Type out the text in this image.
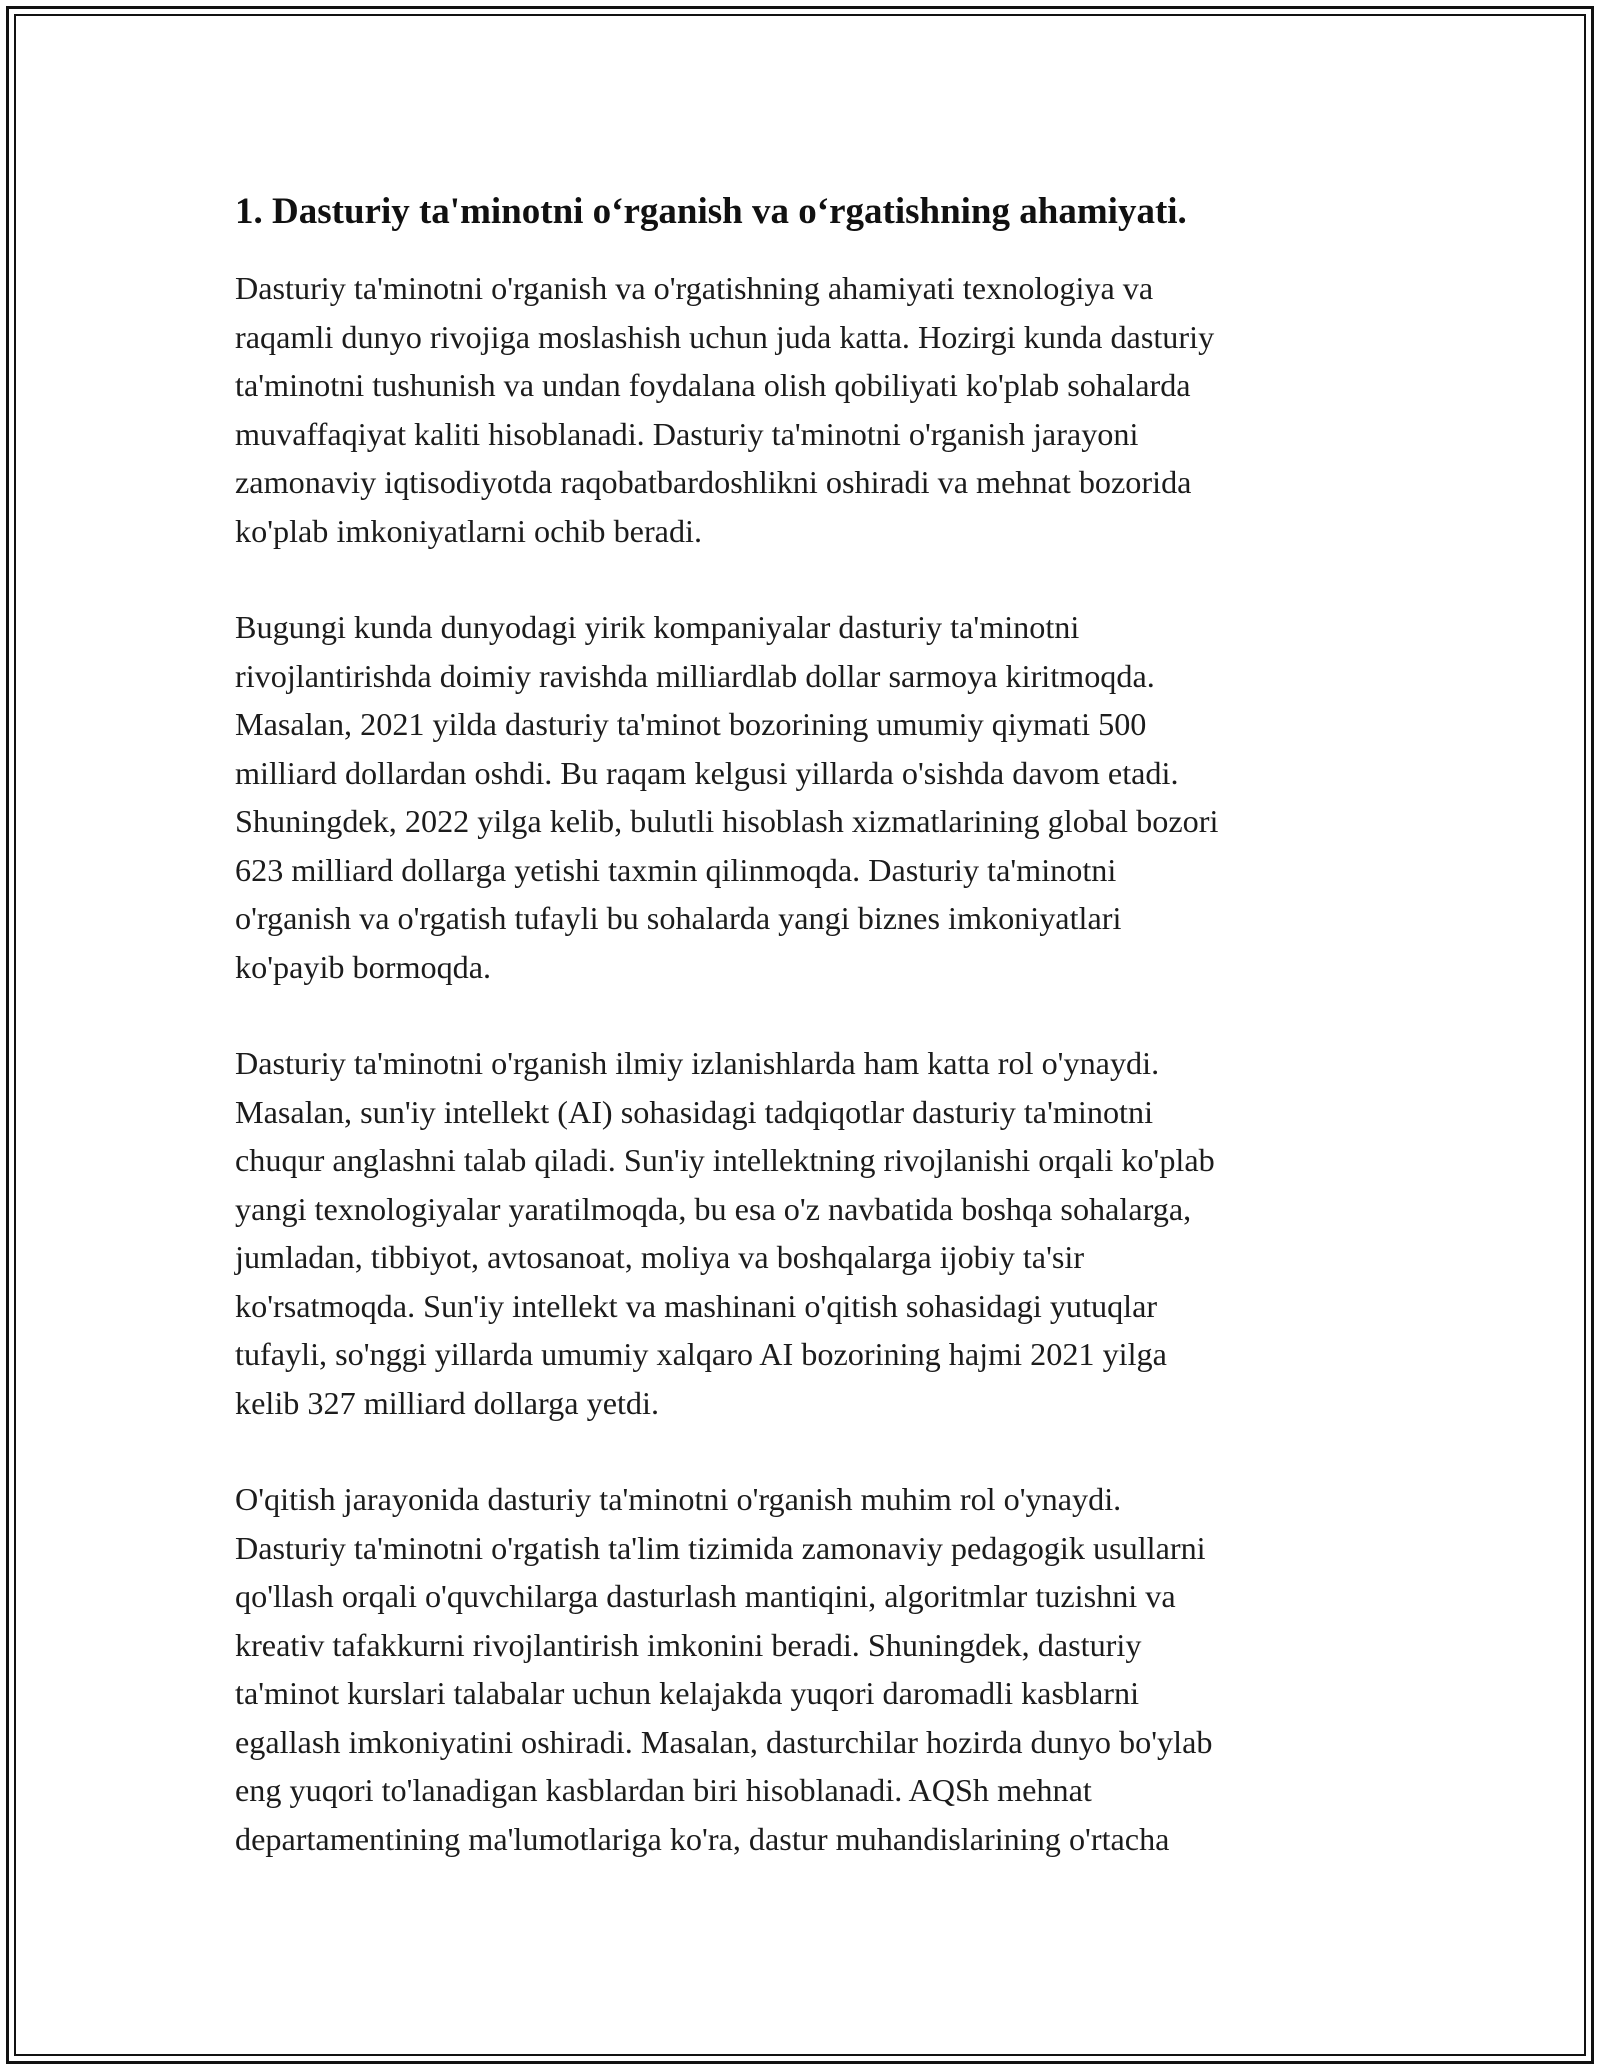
1. Dasturiy ta'minotni o‘rganish va o‘rgatishning ahamiyati.
Dasturiy ta'minotni o'rganish va o'rgatishning ahamiyati texnologiya va
raqamli dunyo rivojiga moslashish uchun juda katta. Hozirgi kunda dasturiy
ta'minotni tushunish va undan foydalana olish qobiliyati ko'plab sohalarda
muvaffaqiyat kaliti hisoblanadi. Dasturiy ta'minotni o'rganish jarayoni
zamonaviy iqtisodiyotda raqobatbardoshlikni oshiradi va mehnat bozorida
ko'plab imkoniyatlarni ochib beradi.
Bugungi kunda dunyodagi yirik kompaniyalar dasturiy ta'minotni
rivojlantirishda doimiy ravishda milliardlab dollar sarmoya kiritmoqda.
Masalan, 2021 yilda dasturiy ta'minot bozorining umumiy qiymati 500
milliard dollardan oshdi. Bu raqam kelgusi yillarda o'sishda davom etadi.
Shuningdek, 2022 yilga kelib, bulutli hisoblash xizmatlarining global bozori
623 milliard dollarga yetishi taxmin qilinmoqda. Dasturiy ta'minotni
o'rganish va o'rgatish tufayli bu sohalarda yangi biznes imkoniyatlari
ko'payib bormoqda.
Dasturiy ta'minotni o'rganish ilmiy izlanishlarda ham katta rol o'ynaydi.
Masalan, sun'iy intellekt (AI) sohasidagi tadqiqotlar dasturiy ta'minotni
chuqur anglashni talab qiladi. Sun'iy intellektning rivojlanishi orqali ko'plab
yangi texnologiyalar yaratilmoqda, bu esa o'z navbatida boshqa sohalarga,
jumladan, tibbiyot, avtosanoat, moliya va boshqalarga ijobiy ta'sir
ko'rsatmoqda. Sun'iy intellekt va mashinani o'qitish sohasidagi yutuqlar
tufayli, so'nggi yillarda umumiy xalqaro AI bozorining hajmi 2021 yilga
kelib 327 milliard dollarga yetdi.
O'qitish jarayonida dasturiy ta'minotni o'rganish muhim rol o'ynaydi.
Dasturiy ta'minotni o'rgatish ta'lim tizimida zamonaviy pedagogik usullarni
qo'llash orqali o'quvchilarga dasturlash mantiqini, algoritmlar tuzishni va
kreativ tafakkurni rivojlantirish imkonini beradi. Shuningdek, dasturiy
ta'minot kurslari talabalar uchun kelajakda yuqori daromadli kasblarni
egallash imkoniyatini oshiradi. Masalan, dasturchilar hozirda dunyo bo'ylab
eng yuqori to'lanadigan kasblardan biri hisoblanadi. AQSh mehnat
departamentining ma'lumotlariga ko'ra, dastur muhandislarining o'rtacha
